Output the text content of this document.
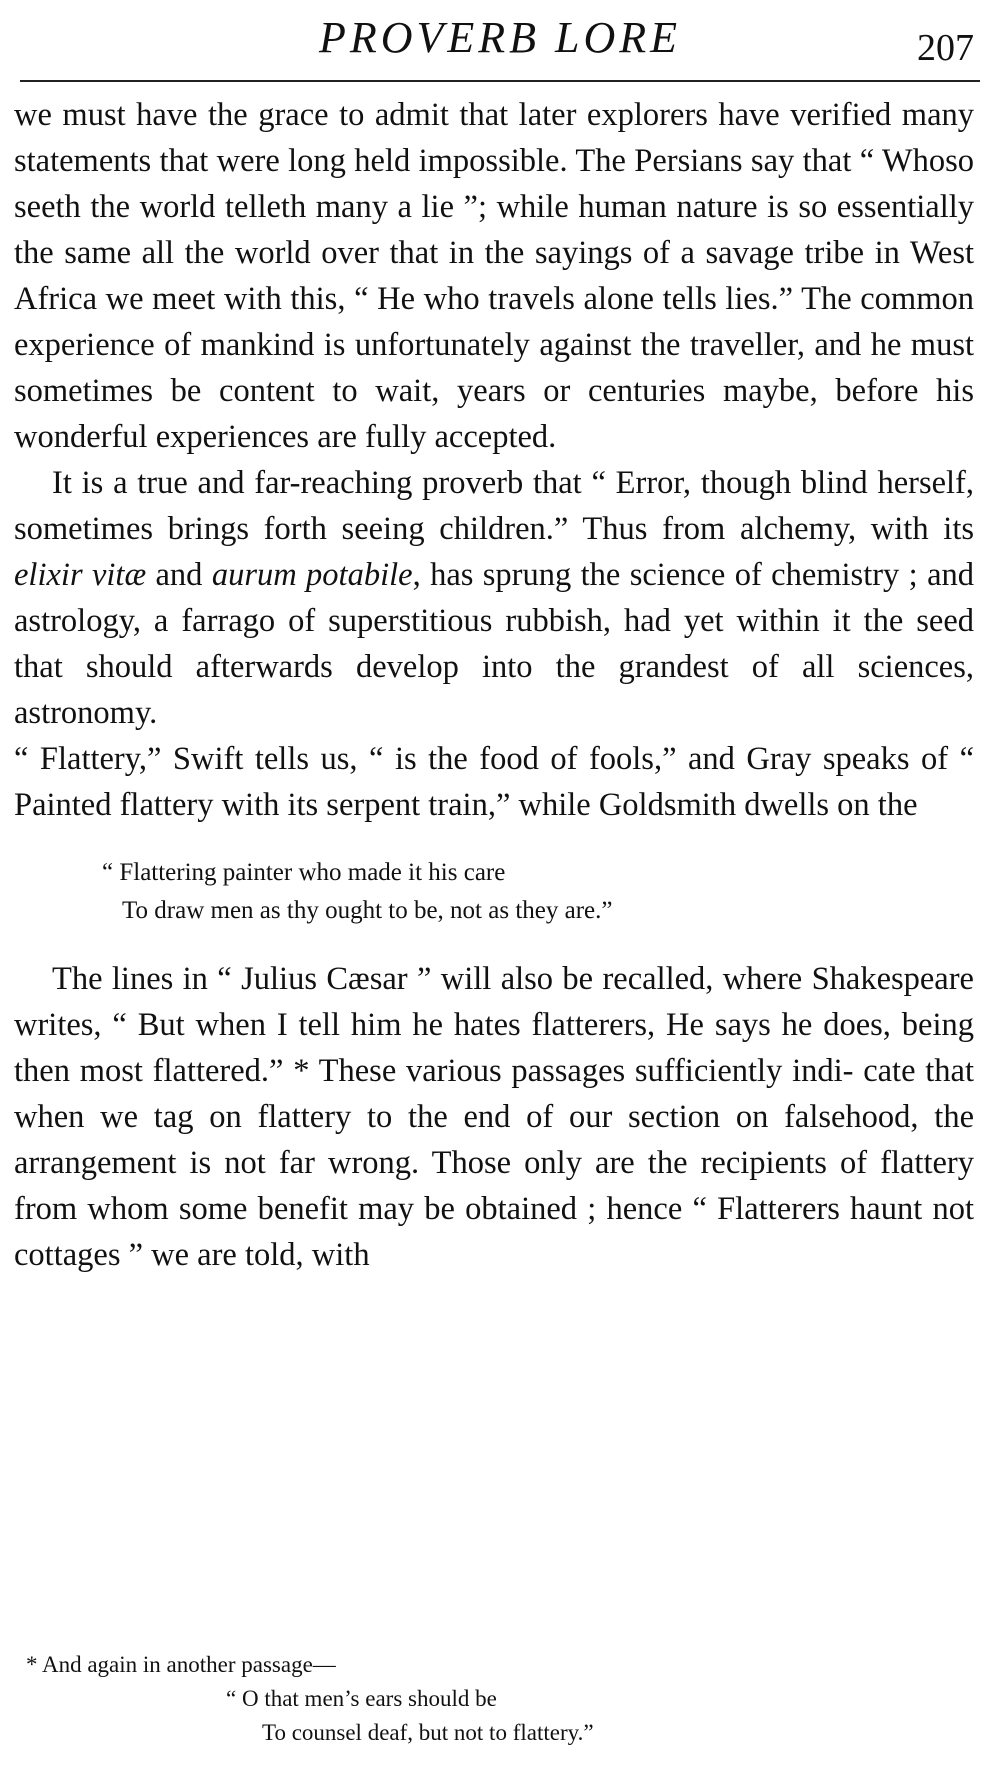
PROVERB LORE	207

we must have the grace to admit that later explorers have verified many statements that were long held impossible. The Persians say that “ Whoso seeth the world telleth many a lie ”; while human nature is so essentially the same all the world over that in the sayings of a savage tribe in West Africa we meet with this, “ He who travels alone tells lies.” The common experience of mankind is unfortunately against the traveller, and he must sometimes be content to wait, years or centuries maybe, before his wonderful experiences are fully accepted.

It is a true and far-reaching proverb that “ Error, though blind herself, sometimes brings forth seeing children.” Thus from alchemy, with its elixir vitæ and aurum potabile, has sprung the science of chemistry ; and astrology, a farrago of superstitious rubbish, had yet within it the seed that should afterwards develop into the grandest of all sciences, astronomy.

“ Flattery,” Swift tells us, “ is the food of fools,” and Gray speaks of “ Painted flattery with its serpent train,” while Goldsmith dwells on the

“ Flattering painter who made it his care
To draw men as thy ought to be, not as they are.”

The lines in “ Julius Cæsar ” will also be recalled, where Shakespeare writes, “ But when I tell him he hates flatterers, He says he does, being then most flattered.” * These various passages sufficiently indi- cate that when we tag on flattery to the end of our section on falsehood, the arrangement is not far wrong. Those only are the recipients of flattery from whom some benefit may be obtained ; hence “ Flatterers haunt not cottages ” we are told, with

* And again in another passage—
“ O that men’s ears should be
To counsel deaf, but not to flattery.”
